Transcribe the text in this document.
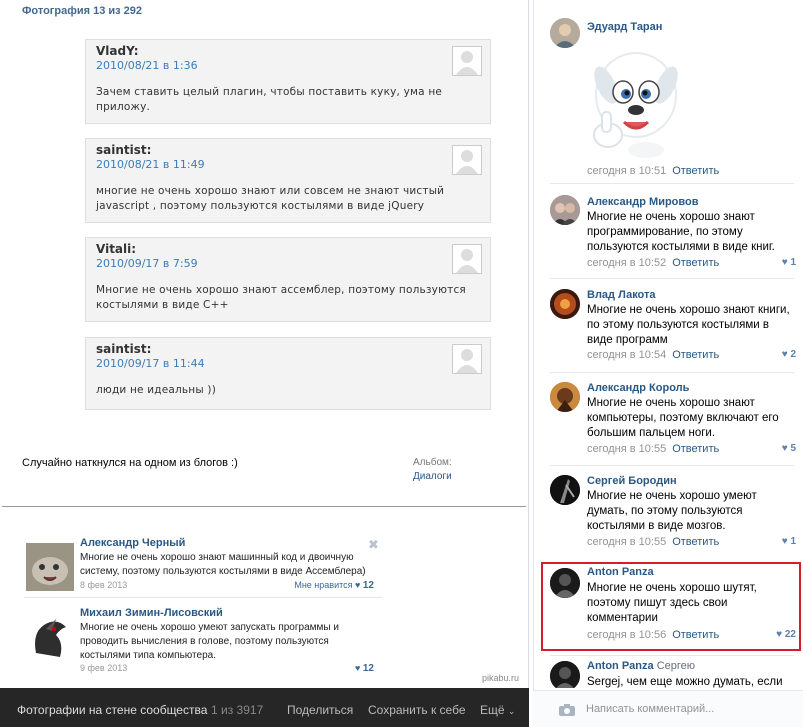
Фотография 13 из 292
VladY:
2010/08/21 в 1:36
Зачем ставить целый плагин, чтобы поставить куку, ума не приложу.
saintist:
2010/08/21 в 11:49
многие не очень хорошо знают или совсем не знают чистый javascript , поэтому пользуются костылями в виде jQuery
Vitali:
2010/09/17 в 7:59
Многие не очень хорошо знают ассемблер, поэтому пользуются костылями в виде C++
saintist:
2010/09/17 в 11:44
люди не идеальны ))
Случайно наткнулся на одном из блогов :)	Альбом:
Диалоги
Александр Черный
Многие не очень хорошо знают машинный код и двоичную систему, поэтому пользуются костылями в виде Ассемблера)
8 фев 2013	Мне нравится ♥ 12
✖
Михаил Зимин-Лисовский
Многие не очень хорошо умеют запускать программы и проводить вычисления в голове, поэтому пользуются костылями типа компьютера.
9 фев 2013	♥ 12
pikabu.ru
Фотографии на стене сообщества 1 из 3917 Поделиться Сохранить к себе Ещё ⌄
Эдуард Таран
сегодня в 10:51 Ответить
Александр Мировов
Многие не очень хорошо знают программирование, по этому пользуются костылями в виде книг.
сегодня в 10:52 Ответить	♥ 1
Влад Лакота
Многие не очень хорошо знают книги, по этому пользуются костылями в виде программ
сегодня в 10:54 Ответить	♥ 2
Александр Король
Многие не очень хорошо знают компьютеры, поэтому включают его большим пальцем ноги.
сегодня в 10:55 Ответить	♥ 5
Сергей Бородин
Многие не очень хорошо умеют думать, по этому пользуются костылями в виде мозгов.
сегодня в 10:55 Ответить	♥ 1
Anton Panza
Многие не очень хорошо шутят, поэтому пишут здесь свои комментарии
сегодня в 10:56 Ответить	♥ 22
Anton Panza Сергею
Sergej, чем еще можно думать, если
Написать комментарий...
